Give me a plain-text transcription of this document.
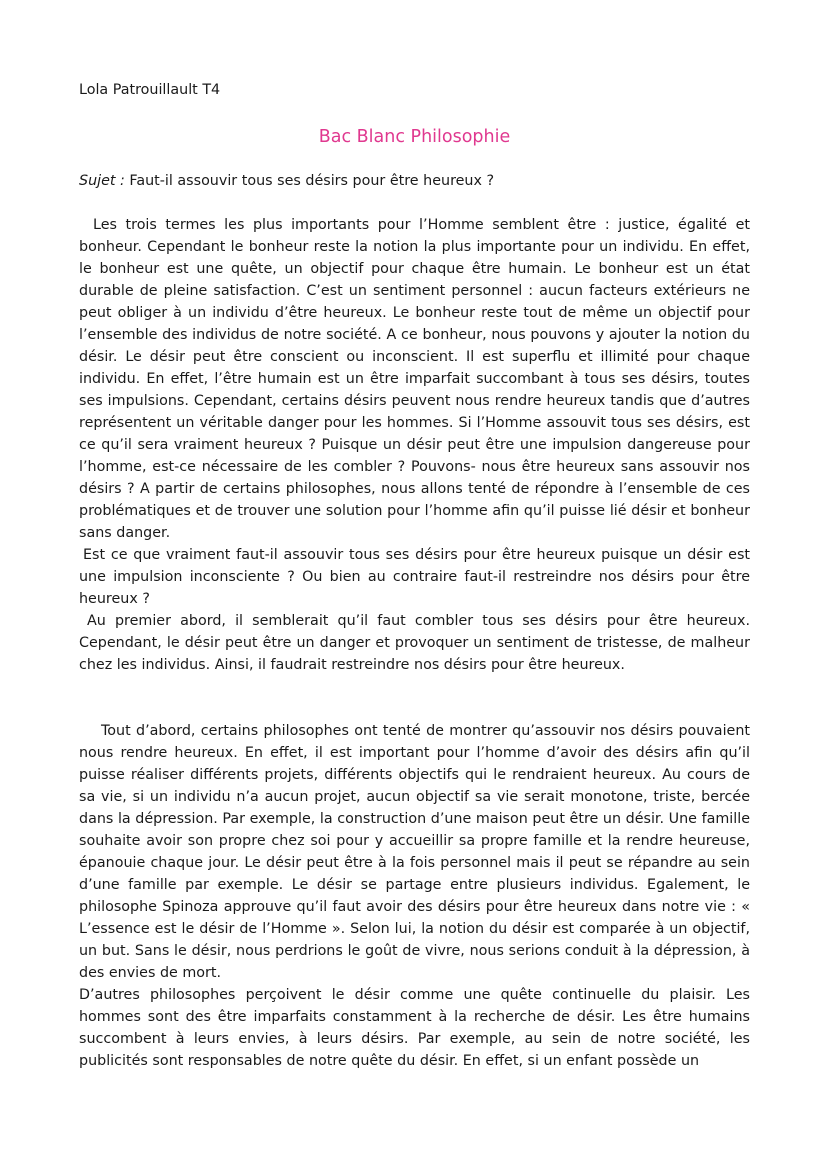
Lola Patrouillault T4

Bac Blanc Philosophie

Sujet : Faut-il assouvir tous ses désirs pour être heureux ?

Les trois termes les plus importants pour l’Homme semblent être : justice, égalité et bonheur. Cependant le bonheur reste la notion la plus importante pour un individu. En effet, le bonheur est une quête, un objectif pour chaque être humain. Le bonheur est un état durable de pleine satisfaction. C’est un sentiment personnel : aucun facteurs extérieurs ne peut obliger à un individu d’être heureux. Le bonheur reste tout de même un objectif pour l’ensemble des individus de notre société. A ce bonheur, nous pouvons y ajouter la notion du désir. Le désir peut être conscient ou inconscient. Il est superflu et illimité pour chaque individu. En effet, l’être humain est un être imparfait succombant à tous ses désirs, toutes ses impulsions. Cependant, certains désirs peuvent nous rendre heureux tandis que d’autres représentent un véritable danger pour les hommes. Si l’Homme assouvit tous ses désirs, est ce qu’il sera vraiment heureux ? Puisque un désir peut être une impulsion dangereuse pour l’homme, est-ce nécessaire de les combler ? Pouvons- nous être heureux sans assouvir nos désirs ? A partir de certains philosophes, nous allons tenté de répondre à l’ensemble de ces problématiques et de trouver une solution pour l’homme afin qu’il puisse lié désir et bonheur sans danger.

Est ce que vraiment faut-il assouvir tous ses désirs pour être heureux puisque un désir est une impulsion inconsciente ? Ou bien au contraire faut-il restreindre nos désirs pour être heureux ?

Au premier abord, il semblerait qu’il faut combler tous ses désirs pour être heureux. Cependant, le désir peut être un danger et provoquer un sentiment de tristesse, de malheur chez les individus. Ainsi, il faudrait restreindre nos désirs pour être heureux.

Tout d’abord, certains philosophes ont tenté de montrer qu’assouvir nos désirs pouvaient nous rendre heureux. En effet, il est important pour l’homme d’avoir des désirs afin qu’il puisse réaliser différents projets, différents objectifs qui le rendraient heureux. Au cours de sa vie, si un individu n’a aucun projet, aucun objectif sa vie serait monotone, triste, bercée dans la dépression. Par exemple, la construction d’une maison peut être un désir. Une famille souhaite avoir son propre chez soi pour y accueillir sa propre famille et la rendre heureuse, épanouie chaque jour. Le désir peut être à la fois personnel mais il peut se répandre au sein d’une famille par exemple. Le désir se partage entre plusieurs individus. Egalement, le philosophe Spinoza approuve qu’il faut avoir des désirs pour être heureux dans notre vie : « L’essence est le désir de l’Homme ». Selon lui, la notion du désir est comparée à un objectif, un but. Sans le désir, nous perdrions le goût de vivre, nous serions conduit à la dépression, à des envies de mort.

D’autres philosophes perçoivent le désir comme une quête continuelle du plaisir. Les hommes sont des être imparfaits constamment à la recherche de désir. Les être humains succombent à leurs envies, à leurs désirs. Par exemple, au sein de notre société, les publicités sont responsables de notre quête du désir. En effet, si un enfant possède un
